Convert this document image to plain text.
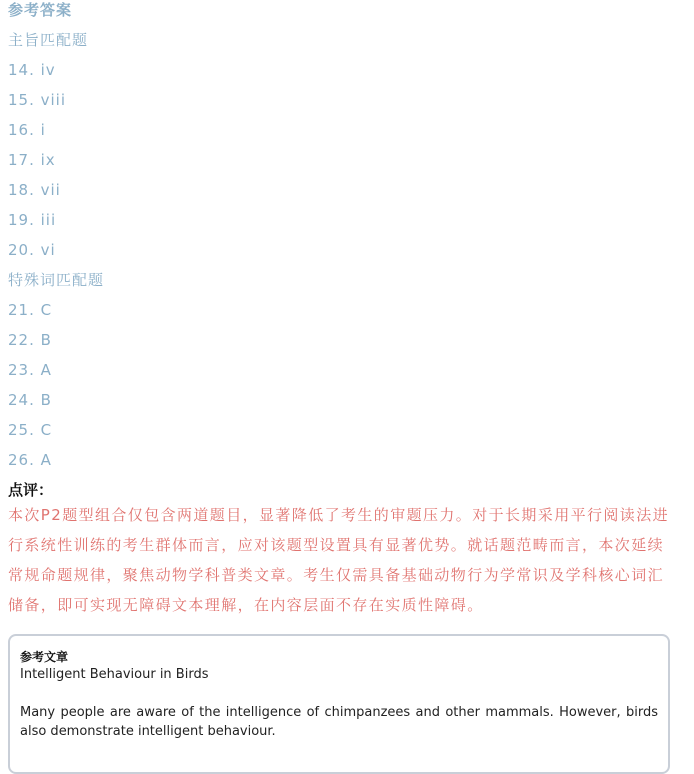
参考答案
主旨匹配题
14. iv
15. viii
16. i
17. ix
18. vii
19. iii
20. vi
特殊词匹配题
21. C
22. B
23. A
24. B
25. C
26. A
点评：
本次P2题型组合仅包含两道题目，显著降低了考生的审题压力。对于长期采用平行阅读法进
行系统性训练的考生群体而言，应对该题型设置具有显著优势。就话题范畴而言，本次延续
常规命题规律，聚焦动物学科普类文章。考生仅需具备基础动物行为学常识及学科核心词汇
储备，即可实现无障碍文本理解，在内容层面不存在实质性障碍。
参考文章
Intelligent Behaviour in Birds
Many people are aware of the intelligence of chimpanzees and other mammals. However, birds also demonstrate intelligent behaviour.
